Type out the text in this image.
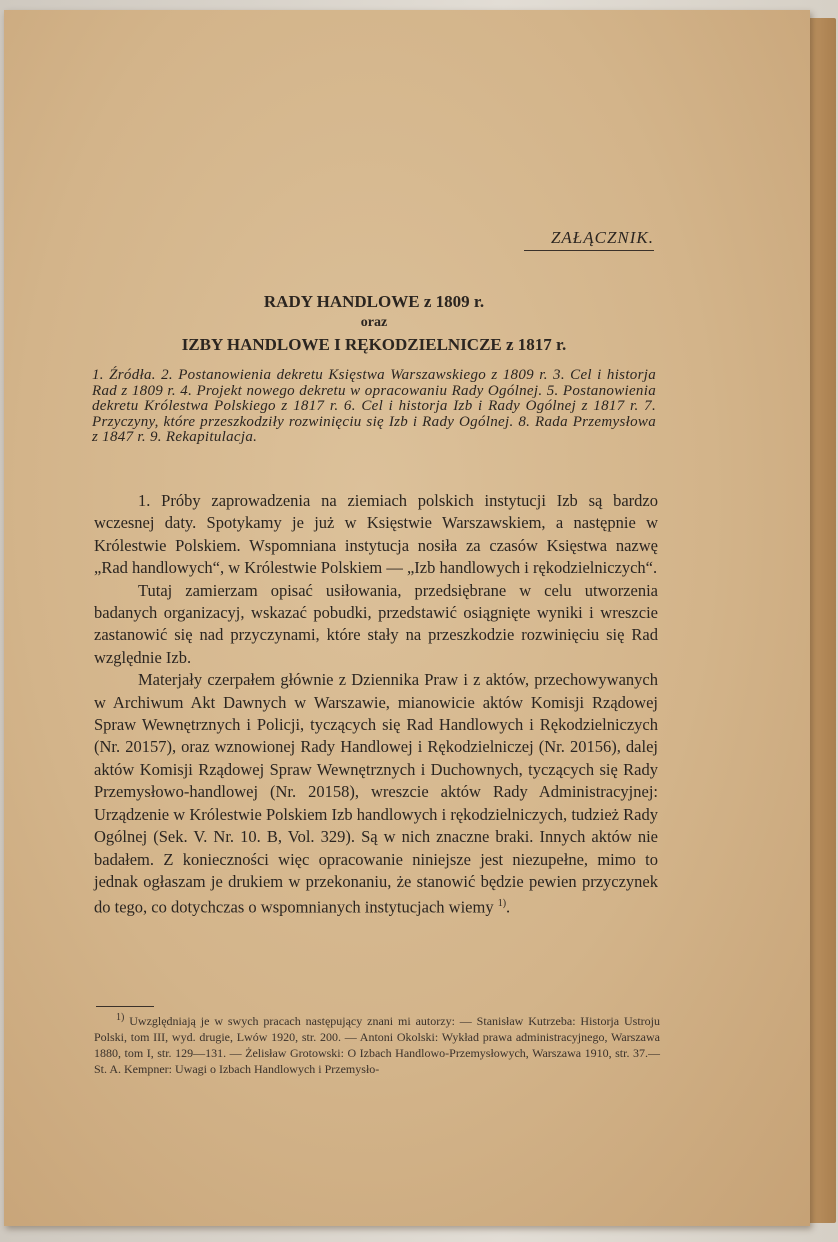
ZAŁĄCZNIK.
RADY HANDLOWE z 1809 r.
oraz
IZBY HANDLOWE I RĘKODZIELNICZE z 1817 r.
1. Źródła. 2. Postanowienia dekretu Księstwa Warszawskiego z 1809 r. 3. Cel i historja Rad z 1809 r. 4. Projekt nowego dekretu w opracowaniu Rady Ogólnej. 5. Postanowienia dekretu Królestwa Polskiego z 1817 r. 6. Cel i historja Izb i Rady Ogólnej z 1817 r. 7. Przyczyny, które przeszkodziły rozwinięciu się Izb i Rady Ogólnej. 8. Rada Przemysłowa z 1847 r. 9. Rekapitulacja.

1. Próby zaprowadzenia na ziemiach polskich instytucji Izb są bardzo wczesnej daty. Spotykamy je już w Księstwie Warszawskiem, a następnie w Królestwie Polskiem. Wspomniana instytucja nosiła za czasów Księstwa nazwę „Rad handlowych“, w Królestwie Polskiem — „Izb handlowych i rękodzielniczych“.

Tutaj zamierzam opisać usiłowania, przedsiębrane w celu utworzenia badanych organizacyj, wskazać pobudki, przedstawić osiągnięte wyniki i wreszcie zastanowić się nad przyczynami, które stały na przeszkodzie rozwinięciu się Rad względnie Izb.

Materjały czerpałem głównie z Dziennika Praw i z aktów, przechowywanych w Archiwum Akt Dawnych w Warszawie, mianowicie aktów Komisji Rządowej Spraw Wewnętrznych i Policji, tyczących się Rad Handlowych i Rękodzielniczych (Nr. 20157), oraz wznowionej Rady Handlowej i Rękodzielniczej (Nr. 20156), dalej aktów Komisji Rządowej Spraw Wewnętrznych i Duchownych, tyczących się Rady Przemysłowo-handlowej (Nr. 20158), wreszcie aktów Rady Administracyjnej: Urządzenie w Królestwie Polskiem Izb handlowych i rękodzielniczych, tudzież Rady Ogólnej (Sek. V. Nr. 10. B, Vol. 329). Są w nich znaczne braki. Innych aktów nie badałem. Z konieczności więc opracowanie niniejsze jest niezupełne, mimo to jednak ogłaszam je drukiem w przekonaniu, że stanowić będzie pewien przyczynek do tego, co dotychczas o wspomnianych instytucjach wiemy $^{1)}$.

$^{1)}$ Uwzględniają je w swych pracach następujący znani mi autorzy: — Stanisław Kutrzeba: Historja Ustroju Polski, tom III, wyd. drugie, Lwów 1920, str. 200. — Antoni Okolski: Wykład prawa administracyjnego, Warszawa 1880, tom I, str. 129—131. — Żelisław Grotowski: O Izbach Handlowo-Przemysłowych, Warszawa 1910, str. 37.—St. A. Kempner: Uwagi o Izbach Handlowych i Przemysło-
